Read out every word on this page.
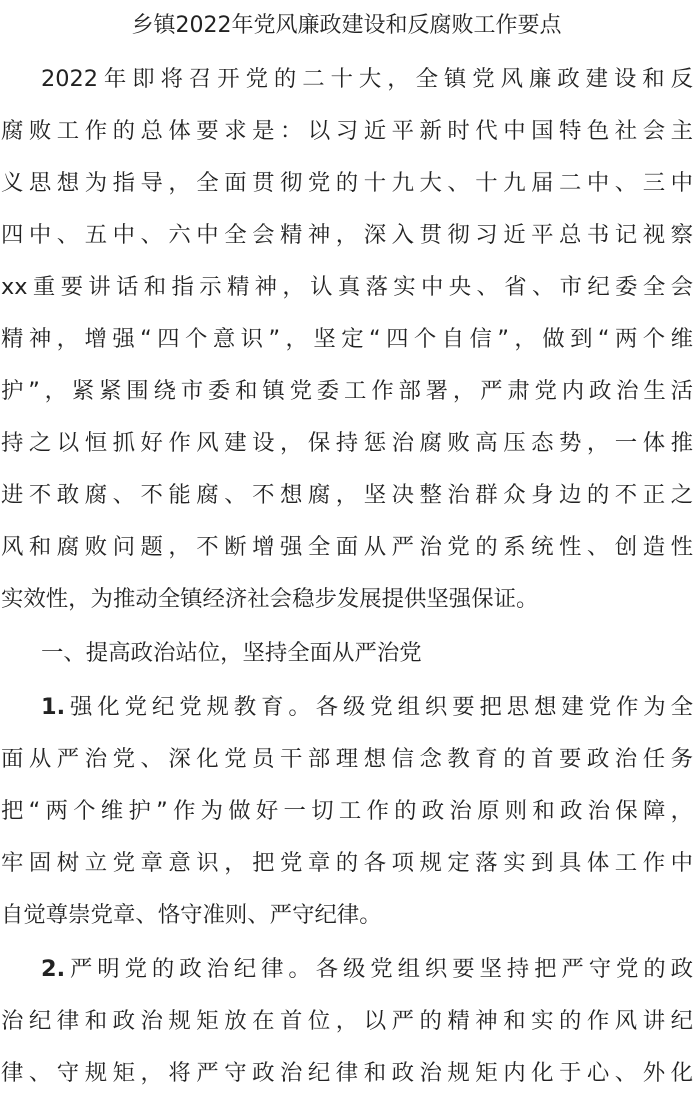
乡镇2022年党风廉政建设和反腐败工作要点
2022年即将召开党的二十大，全镇党风廉政建设和反
腐败工作的总体要求是：以习近平新时代中国特色社会主
义思想为指导，全面贯彻党的十九大、十九届二中、三中
四中、五中、六中全会精神，深入贯彻习近平总书记视察
xx重要讲话和指示精神，认真落实中央、省、市纪委全会
精神，增强“四个意识”，坚定“四个自信”，做到“两个维
护”，紧紧围绕市委和镇党委工作部署，严肃党内政治生活
持之以恒抓好作风建设，保持惩治腐败高压态势，一体推
进不敢腐、不能腐、不想腐，坚决整治群众身边的不正之
风和腐败问题，不断增强全面从严治党的系统性、创造性
实效性，为推动全镇经济社会稳步发展提供坚强保证。
一、提高政治站位，坚持全面从严治党
1.强化党纪党规教育。各级党组织要把思想建党作为全
面从严治党、深化党员干部理想信念教育的首要政治任务
把“两个维护”作为做好一切工作的政治原则和政治保障，
牢固树立党章意识，把党章的各项规定落实到具体工作中
自觉尊崇党章、恪守准则、严守纪律。
2.严明党的政治纪律。各级党组织要坚持把严守党的政
治纪律和政治规矩放在首位，以严的精神和实的作风讲纪
律、守规矩，将严守政治纪律和政治规矩内化于心、外化
